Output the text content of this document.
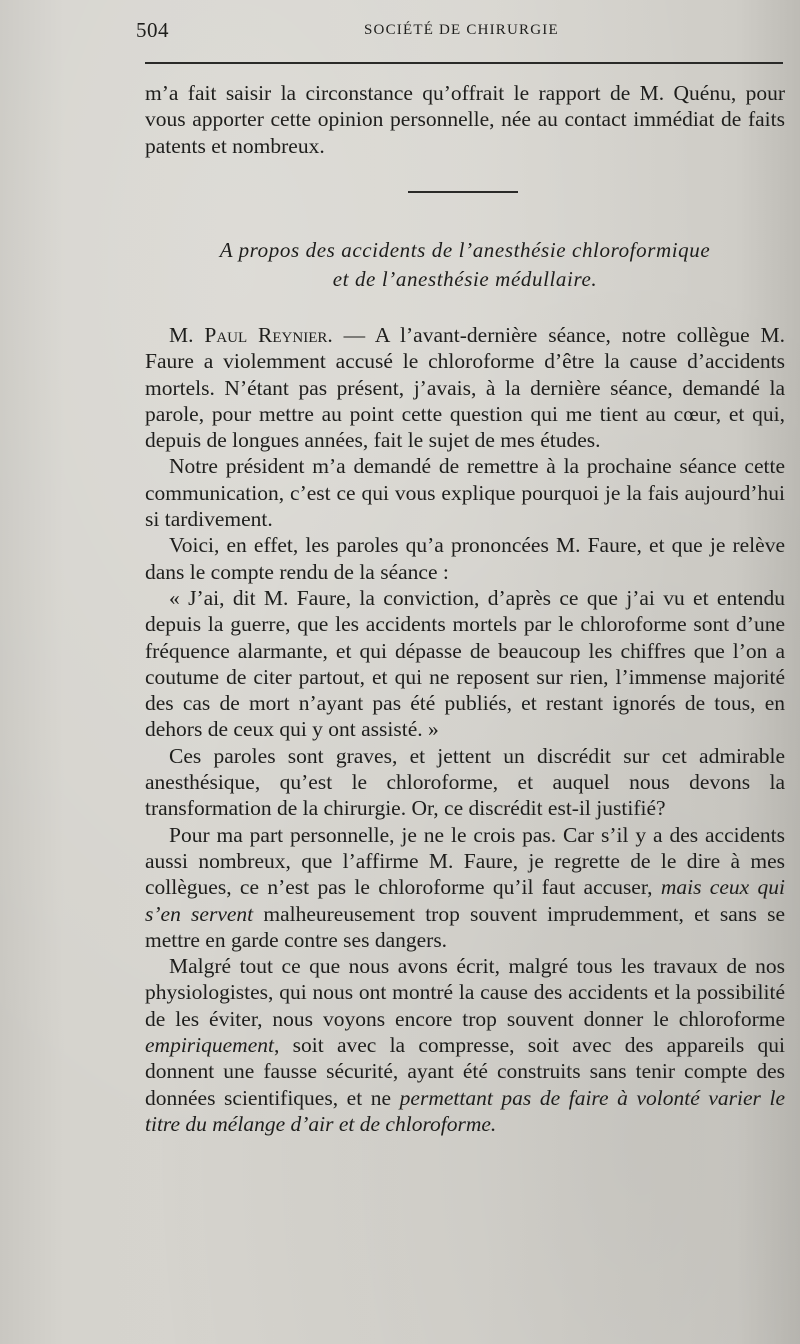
504	SOCIÉTÉ DE CHIRURGIE

m’a fait saisir la circonstance qu’offrait le rapport de M. Quénu, pour vous apporter cette opinion personnelle, née au contact immédiat de faits patents et nombreux.

A propos des accidents de l’anesthésie chloroformique
et de l’anesthésie médullaire.

M. Paul Reynier. — A l’avant-dernière séance, notre collègue M. Faure a violemment accusé le chloroforme d’être la cause d’accidents mortels. N’étant pas présent, j’avais, à la dernière séance, demandé la parole, pour mettre au point cette question qui me tient au cœur, et qui, depuis de longues années, fait le sujet de mes études.

Notre président m’a demandé de remettre à la prochaine séance cette communication, c’est ce qui vous explique pourquoi je la fais aujourd’hui si tardivement.

Voici, en effet, les paroles qu’a prononcées M. Faure, et que je relève dans le compte rendu de la séance :

« J’ai, dit M. Faure, la conviction, d’après ce que j’ai vu et entendu depuis la guerre, que les accidents mortels par le chloroforme sont d’une fréquence alarmante, et qui dépasse de beaucoup les chiffres que l’on a coutume de citer partout, et qui ne reposent sur rien, l’immense majorité des cas de mort n’ayant pas été publiés, et restant ignorés de tous, en dehors de ceux qui y ont assisté. »

Ces paroles sont graves, et jettent un discrédit sur cet admirable anesthésique, qu’est le chloroforme, et auquel nous devons la transformation de la chirurgie. Or, ce discrédit est-il justifié?

Pour ma part personnelle, je ne le crois pas. Car s’il y a des accidents aussi nombreux, que l’affirme M. Faure, je regrette de le dire à mes collègues, ce n’est pas le chloroforme qu’il faut accuser, mais ceux qui s’en servent malheureusement trop souvent imprudemment, et sans se mettre en garde contre ses dangers.

Malgré tout ce que nous avons écrit, malgré tous les travaux de nos physiologistes, qui nous ont montré la cause des accidents et la possibilité de les éviter, nous voyons encore trop souvent donner le chloroforme empiriquement, soit avec la compresse, soit avec des appareils qui donnent une fausse sécurité, ayant été construits sans tenir compte des données scientifiques, et ne permettant pas de faire à volonté varier le titre du mélange d’air et de chloroforme.
